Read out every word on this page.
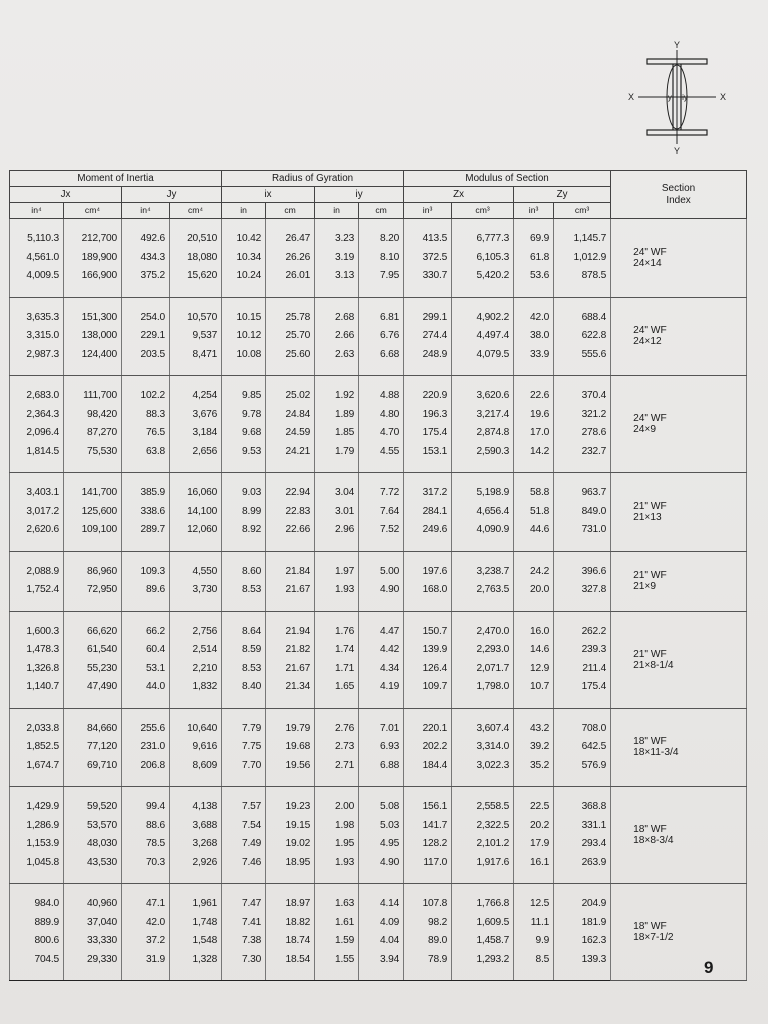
Y
Y
X	X
iy iy
Moment of Inertia				Radius of Gyration				Modulus of Section				Section
Index
Jx		Jy		ix		iy		Zx		Zy		
in⁴	cm⁴	in⁴	cm⁴	in	cm	in	cm	in³	cm³	in³	cm³	
												24" WF
24×14
5,110.3	212,700	492.6	20,510	10.42	26.47	3.23	8.20	413.5	6,777.3	69.9	1,145.7	
4,561.0	189,900	434.3	18,080	10.34	26.26	3.19	8.10	372.5	6,105.3	61.8	1,012.9	
4,009.5	166,900	375.2	15,620	10.24	26.01	3.13	7.95	330.7	5,420.2	53.6	878.5	

												24" WF
24×12
3,635.3	151,300	254.0	10,570	10.15	25.78	2.68	6.81	299.1	4,902.2	42.0	688.4	
3,315.0	138,000	229.1	9,537	10.12	25.70	2.66	6.76	274.4	4,497.4	38.0	622.8	
2,987.3	124,400	203.5	8,471	10.08	25.60	2.63	6.68	248.9	4,079.5	33.9	555.6	

												24" WF
24×9
2,683.0	111,700	102.2	4,254	9.85	25.02	1.92	4.88	220.9	3,620.6	22.6	370.4	
2,364.3	98,420	88.3	3,676	9.78	24.84	1.89	4.80	196.3	3,217.4	19.6	321.2	
2,096.4	87,270	76.5	3,184	9.68	24.59	1.85	4.70	175.4	2,874.8	17.0	278.6	
1,814.5	75,530	63.8	2,656	9.53	24.21	1.79	4.55	153.1	2,590.3	14.2	232.7	

												21" WF
21×13
3,403.1	141,700	385.9	16,060	9.03	22.94	3.04	7.72	317.2	5,198.9	58.8	963.7	
3,017.2	125,600	338.6	14,100	8.99	22.83	3.01	7.64	284.1	4,656.4	51.8	849.0	
2,620.6	109,100	289.7	12,060	8.92	22.66	2.96	7.52	249.6	4,090.9	44.6	731.0	

												21" WF
21×9
2,088.9	86,960	109.3	4,550	8.60	21.84	1.97	5.00	197.6	3,238.7	24.2	396.6	
1,752.4	72,950	89.6	3,730	8.53	21.67	1.93	4.90	168.0	2,763.5	20.0	327.8	

												21" WF
21×8-1/4
1,600.3	66,620	66.2	2,756	8.64	21.94	1.76	4.47	150.7	2,470.0	16.0	262.2	
1,478.3	61,540	60.4	2,514	8.59	21.82	1.74	4.42	139.9	2,293.0	14.6	239.3	
1,326.8	55,230	53.1	2,210	8.53	21.67	1.71	4.34	126.4	2,071.7	12.9	211.4	
1,140.7	47,490	44.0	1,832	8.40	21.34	1.65	4.19	109.7	1,798.0	10.7	175.4	

												18" WF
18×11-3/4
2,033.8	84,660	255.6	10,640	7.79	19.79	2.76	7.01	220.1	3,607.4	43.2	708.0	
1,852.5	77,120	231.0	9,616	7.75	19.68	2.73	6.93	202.2	3,314.0	39.2	642.5	
1,674.7	69,710	206.8	8,609	7.70	19.56	2.71	6.88	184.4	3,022.3	35.2	576.9	

												18" WF
18×8-3/4
1,429.9	59,520	99.4	4,138	7.57	19.23	2.00	5.08	156.1	2,558.5	22.5	368.8	
1,286.9	53,570	88.6	3,688	7.54	19.15	1.98	5.03	141.7	2,322.5	20.2	331.1	
1,153.9	48,030	78.5	3,268	7.49	19.02	1.95	4.95	128.2	2,101.2	17.9	293.4	
1,045.8	43,530	70.3	2,926	7.46	18.95	1.93	4.90	117.0	1,917.6	16.1	263.9	

												18" WF
18×7-1/2
984.0	40,960	47.1	1,961	7.47	18.97	1.63	4.14	107.8	1,766.8	12.5	204.9	
889.9	37,040	42.0	1,748	7.41	18.82	1.61	4.09	98.2	1,609.5	11.1	181.9	
800.6	33,330	37.2	1,548	7.38	18.74	1.59	4.04	89.0	1,458.7	9.9	162.3	
704.5	29,330	31.9	1,328	7.30	18.54	1.55	3.94	78.9	1,293.2	8.5	139.3	
												9
